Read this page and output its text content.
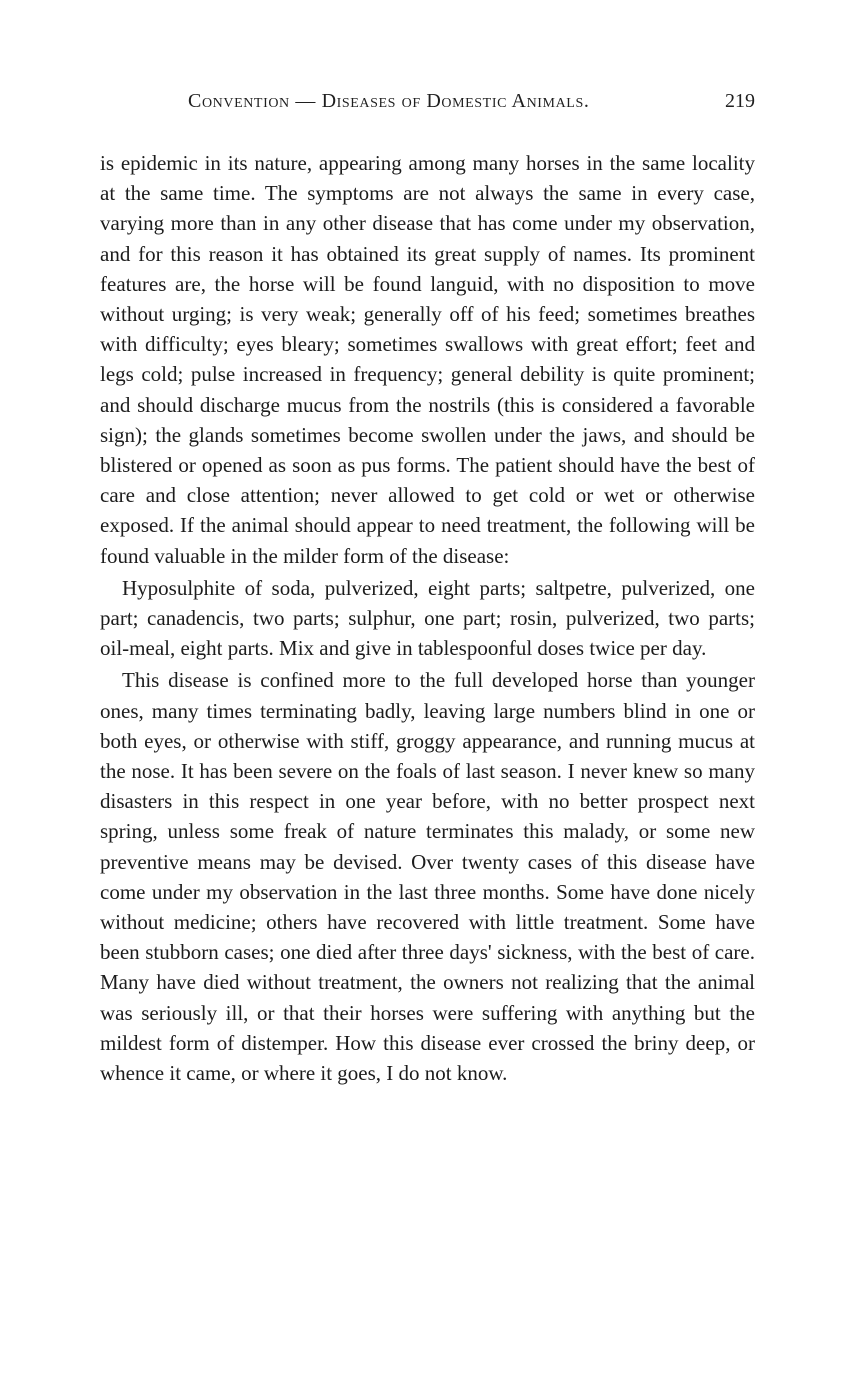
Convention — Diseases of Domestic Animals.	219

is epidemic in its nature, appearing among many horses in the same locality at the same time. The symptoms are not always the same in every case, varying more than in any other disease that has come under my observation, and for this reason it has obtained its great supply of names. Its prominent features are, the horse will be found languid, with no disposition to move without urging; is very weak; generally off of his feed; sometimes breathes with difficulty; eyes bleary; sometimes swallows with great effort; feet and legs cold; pulse increased in frequency; general debility is quite prominent; and should discharge mucus from the nostrils (this is considered a favorable sign); the glands sometimes become swollen under the jaws, and should be blistered or opened as soon as pus forms. The patient should have the best of care and close attention; never allowed to get cold or wet or otherwise exposed. If the animal should appear to need treatment, the following will be found valuable in the milder form of the disease:

Hyposulphite of soda, pulverized, eight parts; saltpetre, pulverized, one part; canadencis, two parts; sulphur, one part; rosin, pulverized, two parts; oil-meal, eight parts. Mix and give in tablespoonful doses twice per day.

This disease is confined more to the full developed horse than younger ones, many times terminating badly, leaving large numbers blind in one or both eyes, or otherwise with stiff, groggy appearance, and running mucus at the nose. It has been severe on the foals of last season. I never knew so many disasters in this respect in one year before, with no better prospect next spring, unless some freak of nature terminates this malady, or some new preventive means may be devised. Over twenty cases of this disease have come under my observation in the last three months. Some have done nicely without medicine; others have recovered with little treatment. Some have been stubborn cases; one died after three days' sickness, with the best of care. Many have died without treatment, the owners not realizing that the animal was seriously ill, or that their horses were suffering with anything but the mildest form of distemper. How this disease ever crossed the briny deep, or whence it came, or where it goes, I do not know.
